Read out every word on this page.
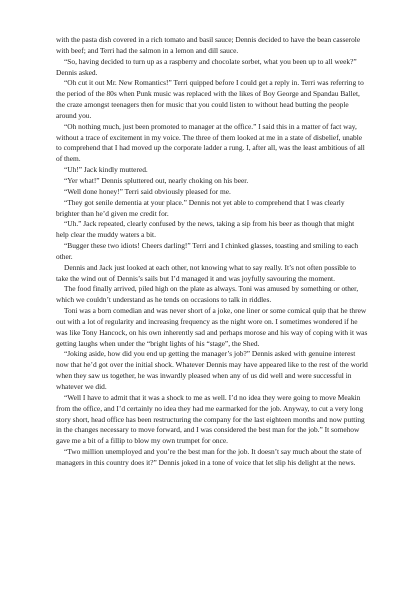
with the pasta dish covered in a rich tomato and basil sauce; Dennis decided to have the bean casserole with beef; and Terri had the salmon in a lemon and dill sauce.

“So, having decided to turn up as a raspberry and chocolate sorbet, what you been up to all week?” Dennis asked.

“Oh cut it out Mr. New Romantics!” Terri quipped before I could get a reply in. Terri was referring to the period of the 80s when Punk music was replaced with the likes of Boy George and Spandau Ballet, the craze amongst teenagers then for music that you could listen to without head butting the people around you.

“Oh nothing much, just been promoted to manager at the office.” I said this in a matter of fact way, without a trace of excitement in my voice. The three of them looked at me in a state of disbelief, unable to comprehend that I had moved up the corporate ladder a rung. I, after all, was the least ambitious of all of them.

“Uh!” Jack kindly muttered.

“Yer what!” Dennis spluttered out, nearly choking on his beer.

“Well done honey!” Terri said obviously pleased for me.

“They got senile dementia at your place.” Dennis not yet able to comprehend that I was clearly brighter than he’d given me credit for.

“Uh.” Jack repeated, clearly confused by the news, taking a sip from his beer as though that might help clear the muddy waters a bit.

“Bugger these two idiots! Cheers darling!” Terri and I chinked glasses, toasting and smiling to each other.

Dennis and Jack just looked at each other, not knowing what to say really. It’s not often possible to take the wind out of Dennis’s sails but I’d managed it and was joyfully savouring the moment.

The food finally arrived, piled high on the plate as always. Toni was amused by something or other, which we couldn’t understand as he tends on occasions to talk in riddles.

Toni was a born comedian and was never short of a joke, one liner or some comical quip that he threw out with a lot of regularity and increasing frequency as the night wore on. I sometimes wondered if he was like Tony Hancock, on his own inherently sad and perhaps morose and his way of coping with it was getting laughs when under the “bright lights of his “stage”, the Shed.

“Joking aside, how did you end up getting the manager’s job?” Dennis asked with genuine interest now that he’d got over the initial shock. Whatever Dennis may have appeared like to the rest of the world when they saw us together, he was inwardly pleased when any of us did well and were successful in whatever we did.

“Well I have to admit that it was a shock to me as well. I’d no idea they were going to move Meakin from the office, and I’d certainly no idea they had me earmarked for the job. Anyway, to cut a very long story short, head office has been restructuring the company for the last eighteen months and now putting in the changes necessary to move forward, and I was considered the best man for the job.” It somehow gave me a bit of a fillip to blow my own trumpet for once.

“Two million unemployed and you’re the best man for the job. It doesn’t say much about the state of managers in this country does it?” Dennis joked in a tone of voice that let slip his delight at the news.
